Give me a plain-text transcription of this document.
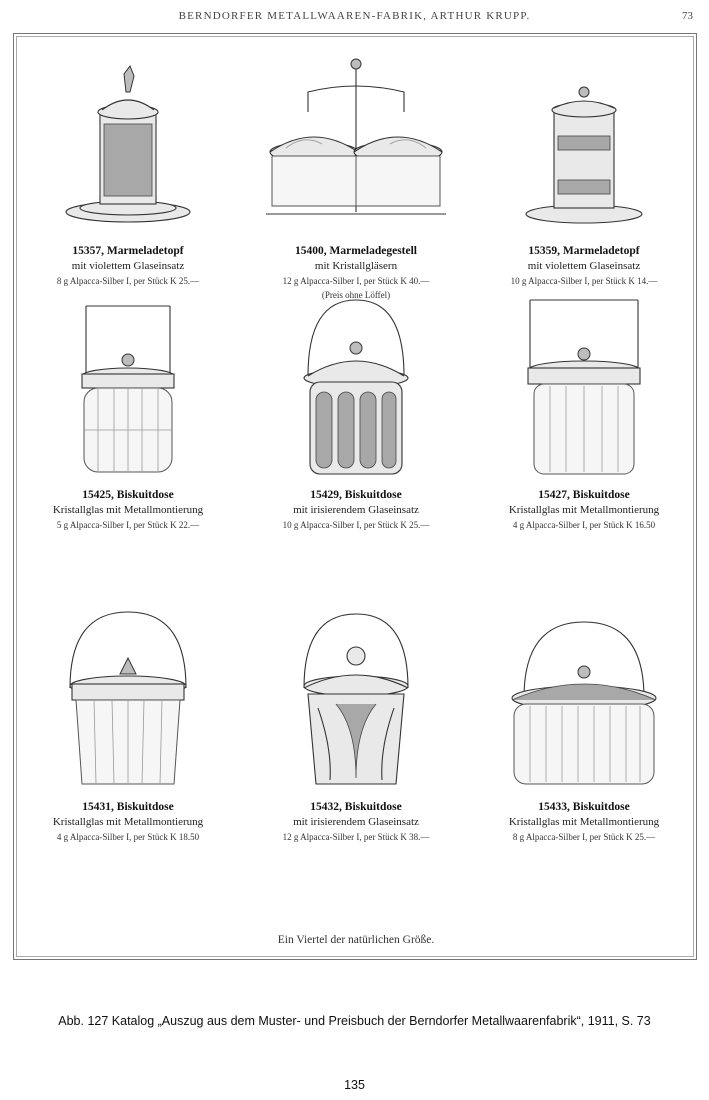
BERNDORFER METALLWAAREN-FABRIK, ARTHUR KRUPP.	73
15357, Marmeladetopf
mit violettem Glaseinsatz
8 g Alpacca-Silber I, per Stück K 25.—
15400, Marmeladegestell
mit Kristallgläsern
12 g Alpacca-Silber I, per Stück K 40.—
(Preis ohne Löffel)
15359, Marmeladetopf
mit violettem Glaseinsatz
10 g Alpacca-Silber I, per Stück K 14.—
15425, Biskuitdose
Kristallglas mit Metallmontierung
5 g Alpacca-Silber I, per Stück K 22.—
15429, Biskuitdose
mit irisierendem Glaseinsatz
10 g Alpacca-Silber I, per Stück K 25.—
15427, Biskuitdose
Kristallglas mit Metallmontierung
4 g Alpacca-Silber I, per Stück K 16.50
15431, Biskuitdose
Kristallglas mit Metallmontierung
4 g Alpacca-Silber I, per Stück K 18.50
15432, Biskuitdose
mit irisierendem Glaseinsatz
12 g Alpacca-Silber I, per Stück K 38.—
15433, Biskuitdose
Kristallglas mit Metallmontierung
8 g Alpacca-Silber I, per Stück K 25.—
Ein Viertel der natürlichen Größe.
Abb. 127 Katalog „Auszug aus dem Muster- und Preisbuch der Berndorfer Metallwaarenfabrik“, 1911, S. 73
135
